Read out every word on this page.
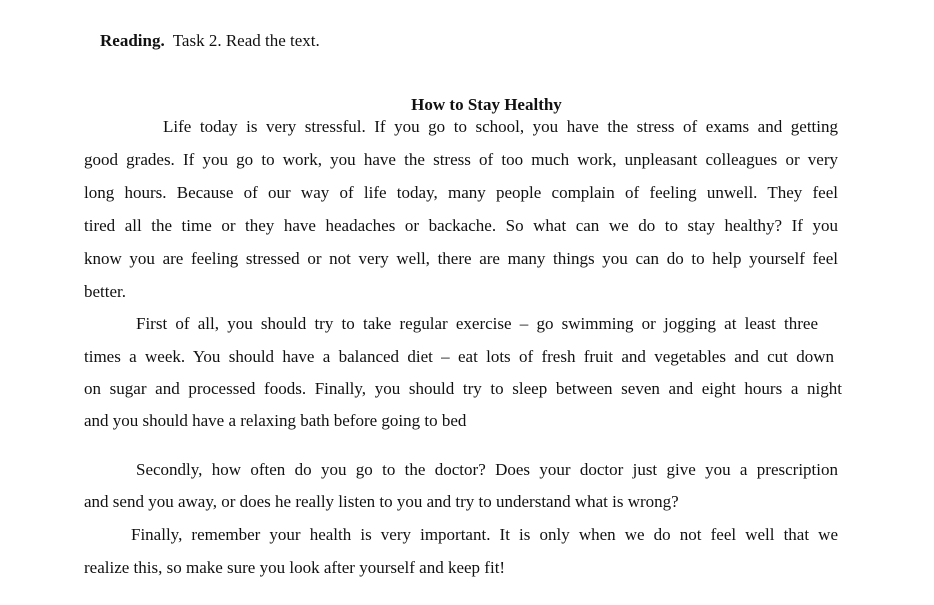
Reading. Task 2. Read the text.
How to Stay Healthy
Life today is very stressful. If you go to school, you have the stress of exams and getting
good grades. If you go to work, you have the stress of too much work, unpleasant colleagues or very
long hours. Because of our way of life today, many people complain of feeling unwell. They feel
tired all the time or they have headaches or backache. So what can we do to stay healthy? If you
know you are feeling stressed or not very well, there are many things you can do to help yourself feel
better.
First of all, you should try to take regular exercise – go swimming or jogging at least three
times a week. You should have a balanced diet – eat lots of fresh fruit and vegetables and cut down
on sugar and processed foods. Finally, you should try to sleep between seven and eight hours a night
and you should have a relaxing bath before going to bed
Secondly, how often do you go to the doctor? Does your doctor just give you a prescription
and send you away, or does he really listen to you and try to understand what is wrong?
Finally, remember your health is very important. It is only when we do not feel well that we
realize this, so make sure you look after yourself and keep fit!
